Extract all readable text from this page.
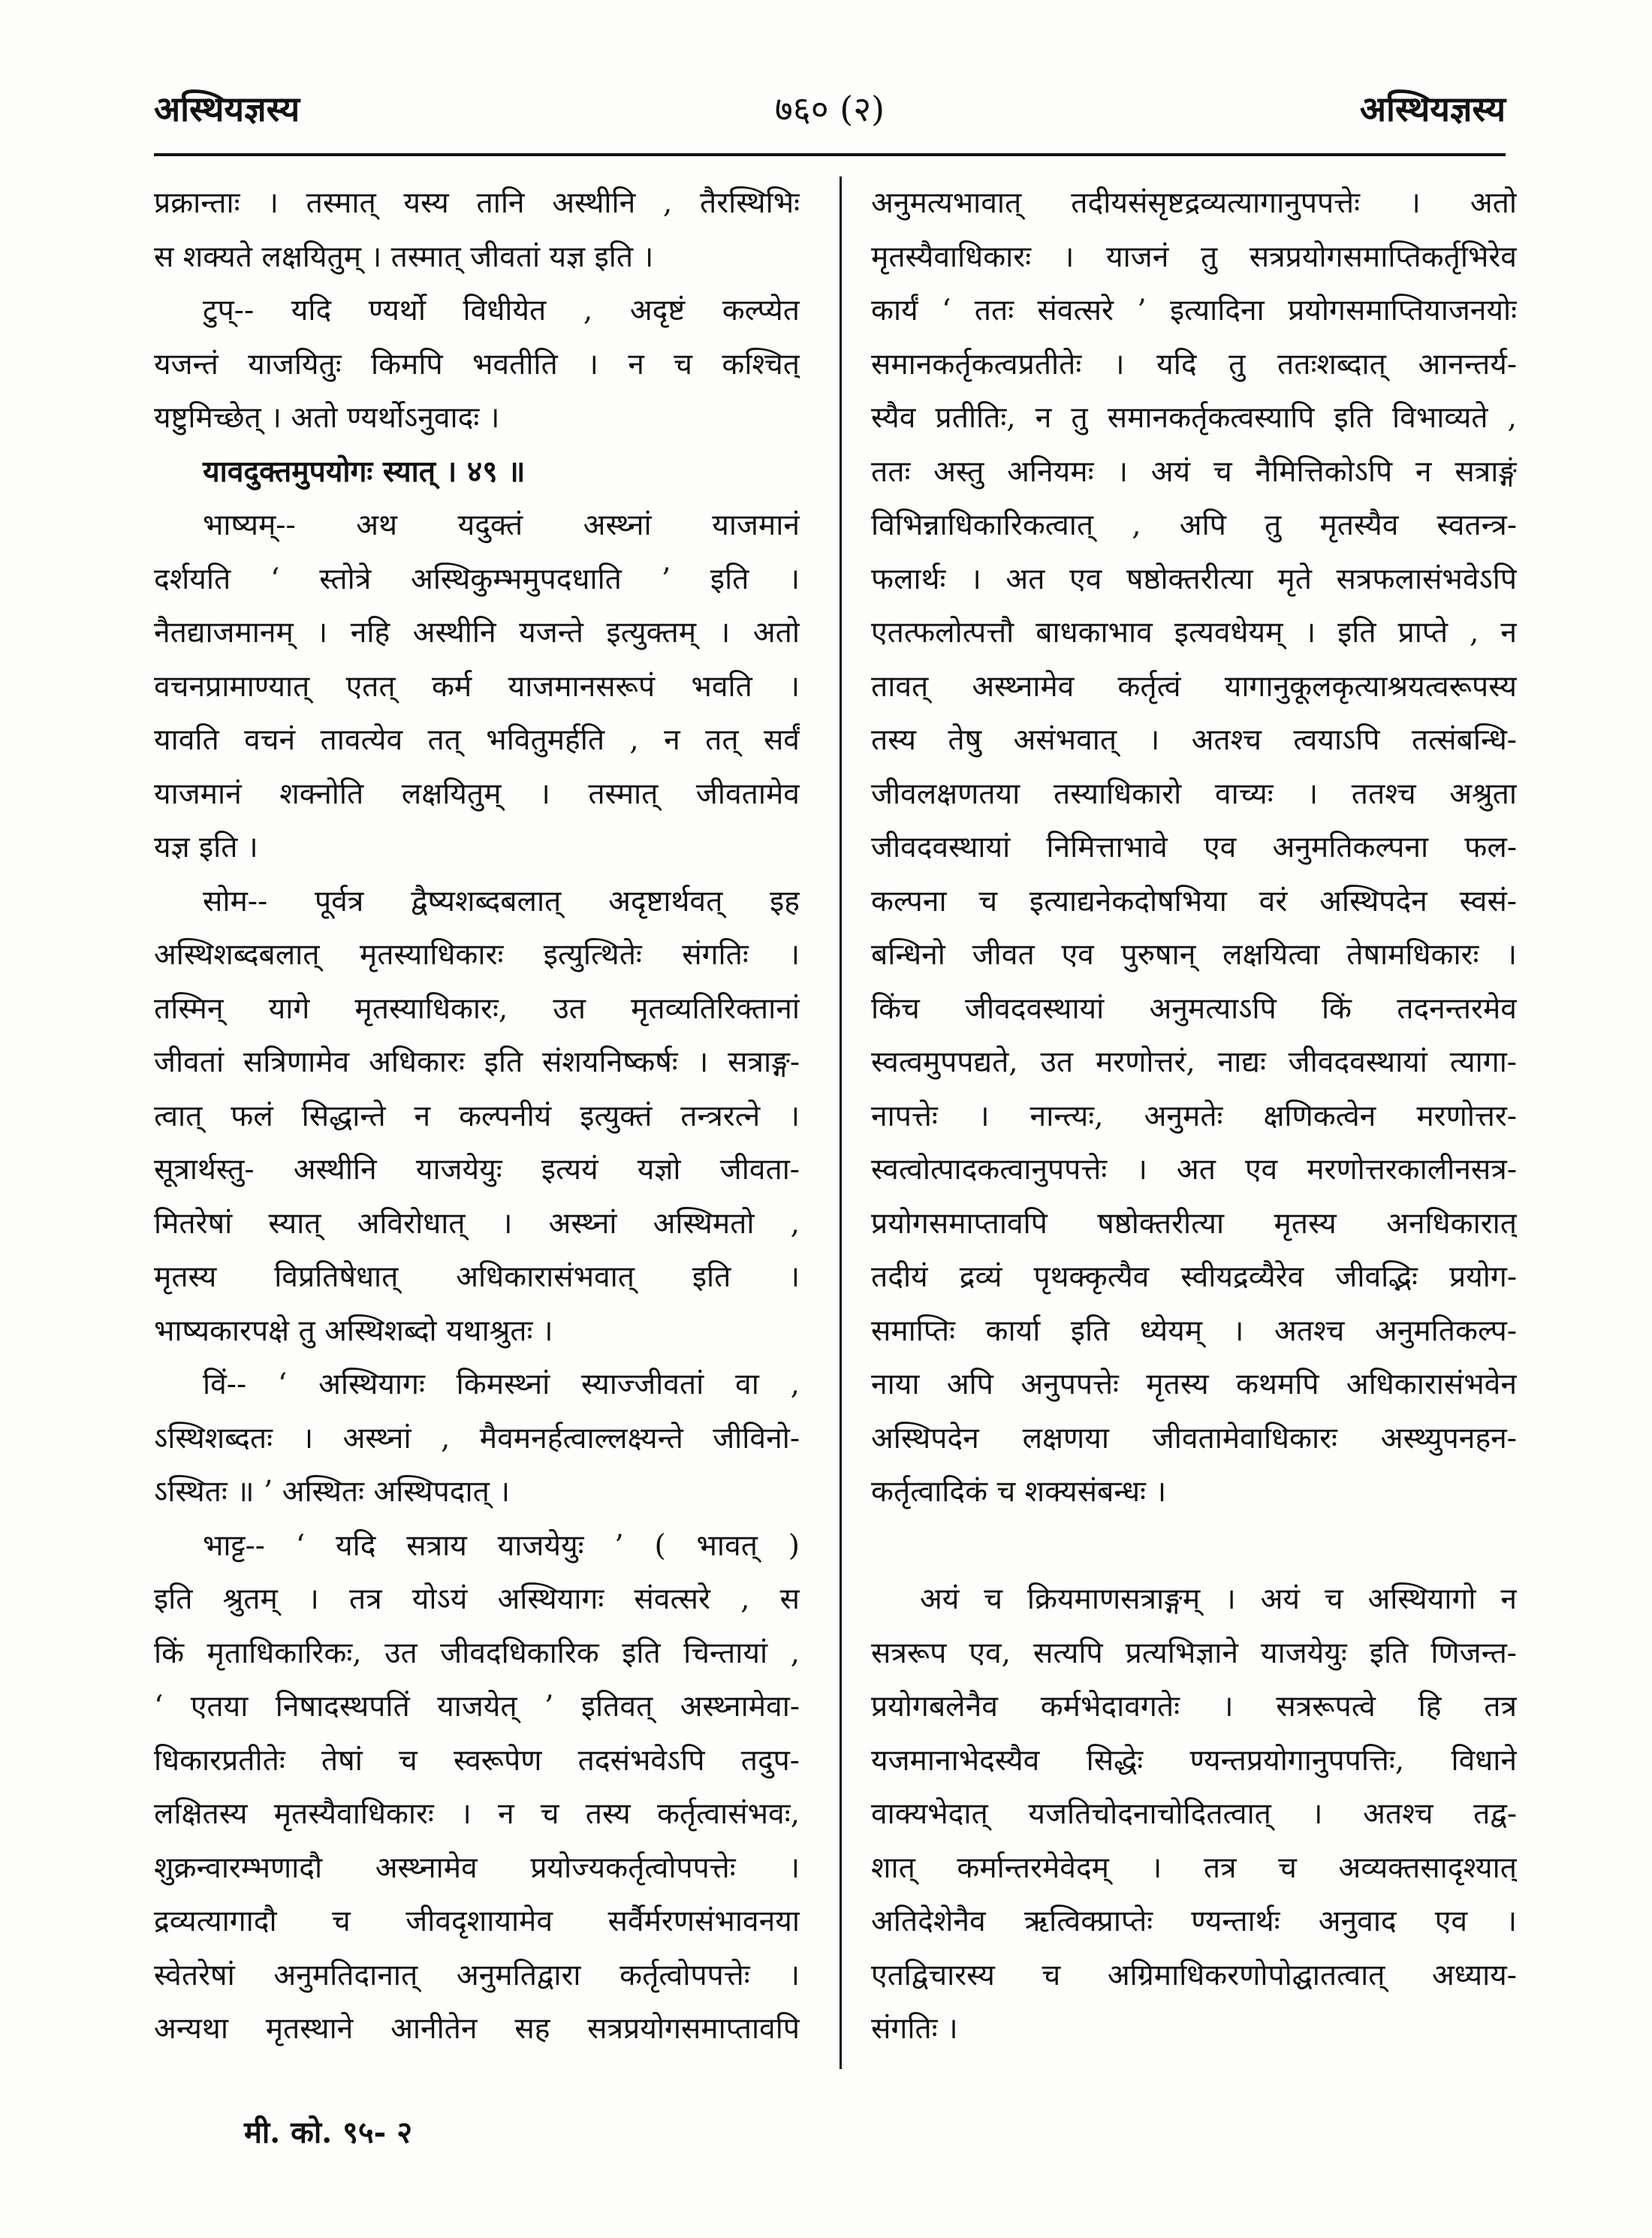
अस्थियज्ञस्य	७६० (२)	अस्थियज्ञस्य

प्रक्रान्ताः । तस्मात् यस्य तानि अस्थीनि , तैरस्थिभिः

स शक्यते लक्षयितुम् । तस्मात् जीवतां यज्ञ इति ।

टुप्-- यदि ण्यर्थो विधीयेत , अदृष्टं कल्प्येत

यजन्तं याजयितुः किमपि भवतीति । न च कश्चित्

यष्टुमिच्छेत् । अतो ण्यर्थोऽनुवादः ।

यावदुक्तमुपयोगः स्यात् । ४९ ॥

भाष्यम्-- अथ यदुक्तं अस्थ्नां याजमानं

दर्शयति ‘ स्तोत्रे अस्थिकुम्भमुपदधाति ’ इति ।

नैतद्याजमानम् । नहि अस्थीनि यजन्ते इत्युक्तम् । अतो

वचनप्रामाण्यात् एतत् कर्म याजमानसरूपं भवति ।

यावति वचनं तावत्येव तत् भवितुमर्हति , न तत् सर्वं

याजमानं शक्नोति लक्षयितुम् । तस्मात् जीवतामेव

यज्ञ इति ।

सोम-- पूर्वत्र द्वैष्यशब्दबलात् अदृष्टार्थवत् इह

अस्थिशब्दबलात् मृतस्याधिकारः इत्युत्थितेः संगतिः ।

तस्मिन् यागे मृतस्याधिकारः, उत मृतव्यतिरिक्तानां

जीवतां सत्रिणामेव अधिकारः इति संशयनिष्कर्षः । सत्राङ्ग-

त्वात् फलं सिद्धान्ते न कल्पनीयं इत्युक्तं तन्त्ररत्ने ।

सूत्रार्थस्तु- अस्थीनि याजयेयुः इत्ययं यज्ञो जीवता-

मितरेषां स्यात् अविरोधात् । अस्थ्नां अस्थिमतो ,

मृतस्य विप्रतिषेधात् अधिकारासंभवात् इति ।

भाष्यकारपक्षे तु अस्थिशब्दो यथाश्रुतः ।

विं-- ‘ अस्थियागः किमस्थ्नां स्याज्जीवतां वा ,

ऽस्थिशब्दतः । अस्थ्नां , मैवमनर्हत्वाल्लक्ष्यन्ते जीविनो-

ऽस्थितः ॥ ’ अस्थितः अस्थिपदात् ।

भाट्ट-- ‘ यदि सत्राय याजयेयुः ’ ( भावत् )

इति श्रुतम् । तत्र योऽयं अस्थियागः संवत्सरे , स

किं मृताधिकारिकः, उत जीवदधिकारिक इति चिन्तायां ,

‘ एतया निषादस्थपतिं याजयेत् ’ इतिवत् अस्थ्नामेवा-

धिकारप्रतीतेः तेषां च स्वरूपेण तदसंभवेऽपि तदुप-

लक्षितस्य मृतस्यैवाधिकारः । न च तस्य कर्तृत्वासंभवः,

शुक्रन्वारम्भणादौ अस्थ्नामेव प्रयोज्यकर्तृत्वोपपत्तेः ।

द्रव्यत्यागादौ च जीवदृशायामेव सर्वैर्मरणसंभावनया

स्वेतरेषां अनुमतिदानात् अनुमतिद्वारा कर्तृत्वोपपत्तेः ।

अन्यथा मृतस्थाने आनीतेन सह सत्रप्रयोगसमाप्तावपि

अनुमत्यभावात् तदीयसंसृष्टद्रव्यत्यागानुपपत्तेः । अतो

मृतस्यैवाधिकारः । याजनं तु सत्रप्रयोगसमाप्तिकर्तृभिरेव

कार्यं ‘ ततः संवत्सरे ’ इत्यादिना प्रयोगसमाप्तियाजनयोः

समानकर्तृकत्वप्रतीतेः । यदि तु ततःशब्दात् आनन्तर्य-

स्यैव प्रतीतिः, न तु समानकर्तृकत्वस्यापि इति विभाव्यते ,

ततः अस्तु अनियमः । अयं च नैमित्तिकोऽपि न सत्राङ्गं

विभिन्नाधिकारिकत्वात् , अपि तु मृतस्यैव स्वतन्त्र-

फलार्थः । अत एव षष्ठोक्तरीत्या मृते सत्रफलासंभवेऽपि

एतत्फलोत्पत्तौ बाधकाभाव इत्यवधेयम् । इति प्राप्ते , न

तावत् अस्थ्नामेव कर्तृत्वं यागानुकूलकृत्याश्रयत्वरूपस्य

तस्य तेषु असंभवात् । अतश्च त्वयाऽपि तत्संबन्धि-

जीवलक्षणतया तस्याधिकारो वाच्यः । ततश्च अश्रुता

जीवदवस्थायां निमित्ताभावे एव अनुमतिकल्पना फल-

कल्पना च इत्याद्यनेकदोषभिया वरं अस्थिपदेन स्वसं-

बन्धिनो जीवत एव पुरुषान् लक्षयित्वा तेषामधिकारः ।

किंच जीवदवस्थायां अनुमत्याऽपि किं तदनन्तरमेव

स्वत्वमुपपद्यते, उत मरणोत्तरं, नाद्यः जीवदवस्थायां त्यागा-

नापत्तेः । नान्त्यः, अनुमतेः क्षणिकत्वेन मरणोत्तर-

स्वत्वोत्पादकत्वानुपपत्तेः । अत एव मरणोत्तरकालीनसत्र-

प्रयोगसमाप्तावपि षष्ठोक्तरीत्या मृतस्य अनधिकारात्

तदीयं द्रव्यं पृथक्कृत्यैव स्वीयद्रव्यैरेव जीवद्भिः प्रयोग-

समाप्तिः कार्या इति ध्येयम् । अतश्च अनुमतिकल्प-

नाया अपि अनुपपत्तेः मृतस्य कथमपि अधिकारासंभवेन

अस्थिपदेन लक्षणया जीवतामेवाधिकारः अस्थ्युपनहन-

कर्तृत्वादिकं च शक्यसंबन्धः ।

अयं च क्रियमाणसत्राङ्गम् । अयं च अस्थियागो न

सत्ररूप एव, सत्यपि प्रत्यभिज्ञाने याजयेयुः इति णिजन्त-

प्रयोगबलेनैव कर्मभेदावगतेः । सत्ररूपत्वे हि तत्र

यजमानाभेदस्यैव सिद्धेः ण्यन्तप्रयोगानुपपत्तिः, विधाने

वाक्यभेदात् यजतिचोदनाचोदितत्वात् । अतश्च तद्व-

शात् कर्मान्तरमेवेदम् । तत्र च अव्यक्तसादृश्यात्

अतिदेशेनैव ऋत्विक्प्राप्तेः ण्यन्तार्थः अनुवाद एव ।

एतद्विचारस्य च अग्रिमाधिकरणोपोद्घातत्वात् अध्याय-

संगतिः ।

मी. को. ९५- २
